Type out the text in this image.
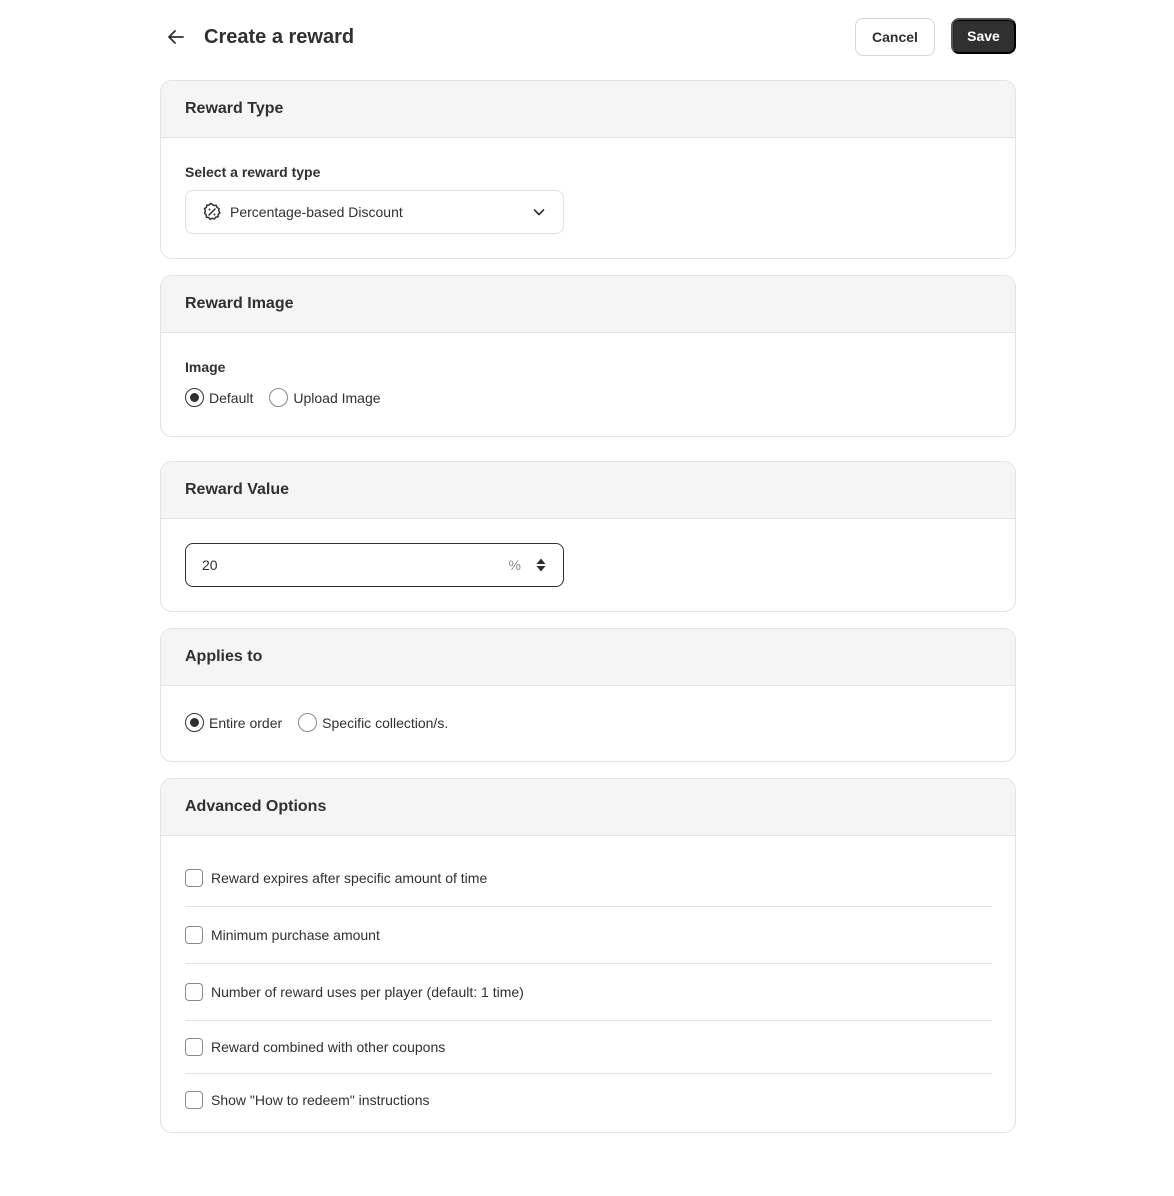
Create a reward	Cancel	Save
Reward Type
Select a reward type
Percentage-based Discount
Reward Image
Image
Default	Upload Image
Reward Value
20	%
Applies to
Entire order	Specific collection/s.
Advanced Options
Reward expires after specific amount of time
Minimum purchase amount
Number of reward uses per player (default: 1 time)
Reward combined with other coupons
Show "How to redeem" instructions
